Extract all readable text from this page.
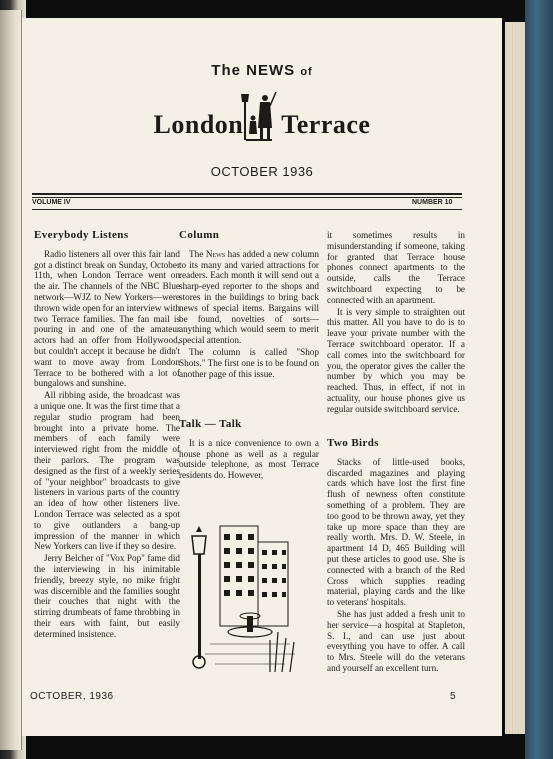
The NEWS of
London Terrace
OCTOBER 1936
VOLUME IV	NUMBER 10
Everybody Listens

Radio listeners all over this fair land got a distinct break on Sunday, October 11th, when London Terrace went on the air. The channels of the NBC Blue network—WJZ to New Yorkers—were thrown wide open for an interview with two Terrace families. The fan mail is pouring in and one of the amateur actors had an offer from Hollywood, but couldn't accept it because he didn't want to move away from London Terrace to be bothered with a lot of bungalows and sunshine.

All ribbing aside, the broadcast was a unique one. It was the first time that a regular studio program had been brought into a private home. The members of each family were interviewed right from the middle of their parlors. The program was designed as the first of a weekly series of "your neighbor" broadcasts to give listeners in various parts of the country an idea of how other listeners live. London Terrace was selected as a spot to give outlanders a bang-up impression of the manner in which New Yorkers can live if they so desire.

Jerry Belcher of "Vox Pop" fame did the interviewing in his inimitable friendly, breezy style, no mike fright was discernible and the families sought their couches that night with the stirring drumbeats of fame throbbing in their ears with faint, but easily determined insistence.

Column

The News has added a new column to its many and varied attractions for readers. Each month it will send out a sharp-eyed reporter to the shops and stores in the buildings to bring back news of special items. Bargains will be found, novelties of sorts—anything which would seem to merit special attention.

The column is called "Shop Shots." The first one is to be found on another page of this issue.

Talk — Talk

It is a nice convenience to own a house phone as well as a regular outside telephone, as most Terrace residents do. However,

it sometimes results in misunderstanding if someone, taking for granted that Terrace house phones connect apartments to the outside, calls the Terrace switchboard expecting to be connected with an apartment.

It is very simple to straighten out this matter. All you have to do is to leave your private number with the Terrace switchboard operator. If a call comes into the switchboard for you, the operator gives the caller the number by which you may be reached. Thus, in effect, if not in actuality, our house phones give us regular outside switchboard service.

Two Birds

Stacks of little-used books, discarded magazines and playing cards which have lost the first fine flush of newness often constitute something of a problem. They are too good to be thrown away, yet they take up more space than they are really worth. Mrs. D. W. Steele, in apartment 14 D, 465 Building will put these articles to good use. She is connected with a branch of the Red Cross which supplies reading material, playing cards and the like to veterans' hospitals.

She has just added a fresh unit to her service—a hospital at Stapleton, S. I., and can use just about everything you have to offer. A call to Mrs. Steele will do the veterans and yourself an excellent turn.

OCTOBER, 1936	5
